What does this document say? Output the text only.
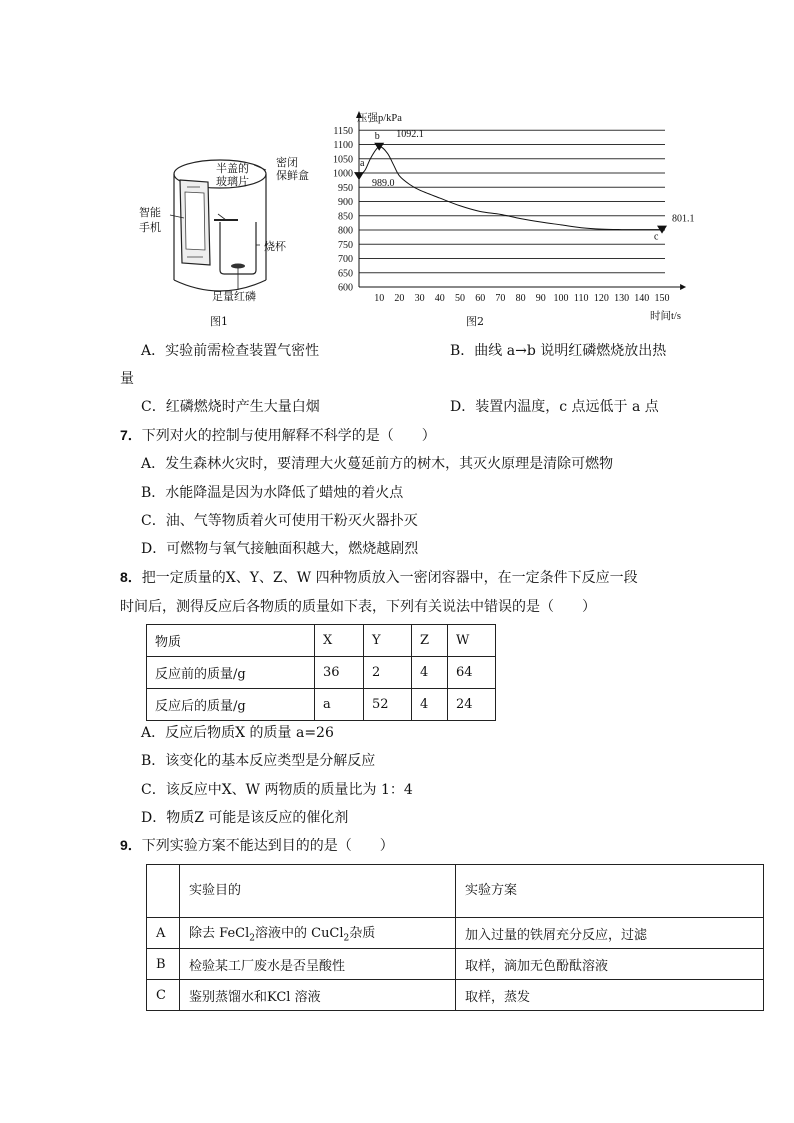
半盖的
玻璃片
密闭
保鲜盒
智能
手机
烧杯
足量红磷
图1
600
650
700
750
800
850
900
950
1000
1050
1100
1150
10 20 30 40 50 60 70 80 90 100 110 120 130 140 150
压强p/kPa
时间t/s
a
989.0
b 1092.1
c
801.1
图2
A．实验前需检查装置气密性	B．曲线 a→b 说明红磷燃烧放出热
量
C．红磷燃烧时产生大量白烟	D．装置内温度，c 点远低于 a 点
7．下列对火的控制与使用解释不科学的是（　　）
A．发生森林火灾时，要清理大火蔓延前方的树木，其灭火原理是清除可燃物
B．水能降温是因为水降低了蜡烛的着火点
C．油、气等物质着火可使用干粉灭火器扑灭
D．可燃物与氧气接触面积越大，燃烧越剧烈
8．把一定质量的X、Y、Z、W 四种物质放入一密闭容器中，在一定条件下反应一段
时间后，测得反应后各物质的质量如下表，下列有关说法中错误的是（　　）
物质	X	Y	Z	W
反应前的质量/g	36	2	4	64
反应后的质量/g	a	52	4	24
A．反应后物质X 的质量 a=26
B．该变化的基本反应类型是分解反应
C．该反应中X、W 两物质的质量比为 1：4
D．物质Z 可能是该反应的催化剂
9．下列实验方案不能达到目的的是（　　）
	实验目的	实验方案
A	除去 FeCl$_2$溶液中的 CuCl$_2$杂质	加入过量的铁屑充分反应，过滤
B	检验某工厂废水是否呈酸性	取样，滴加无色酚酞溶液
C	鉴别蒸馏水和KCl 溶液	取样，蒸发
